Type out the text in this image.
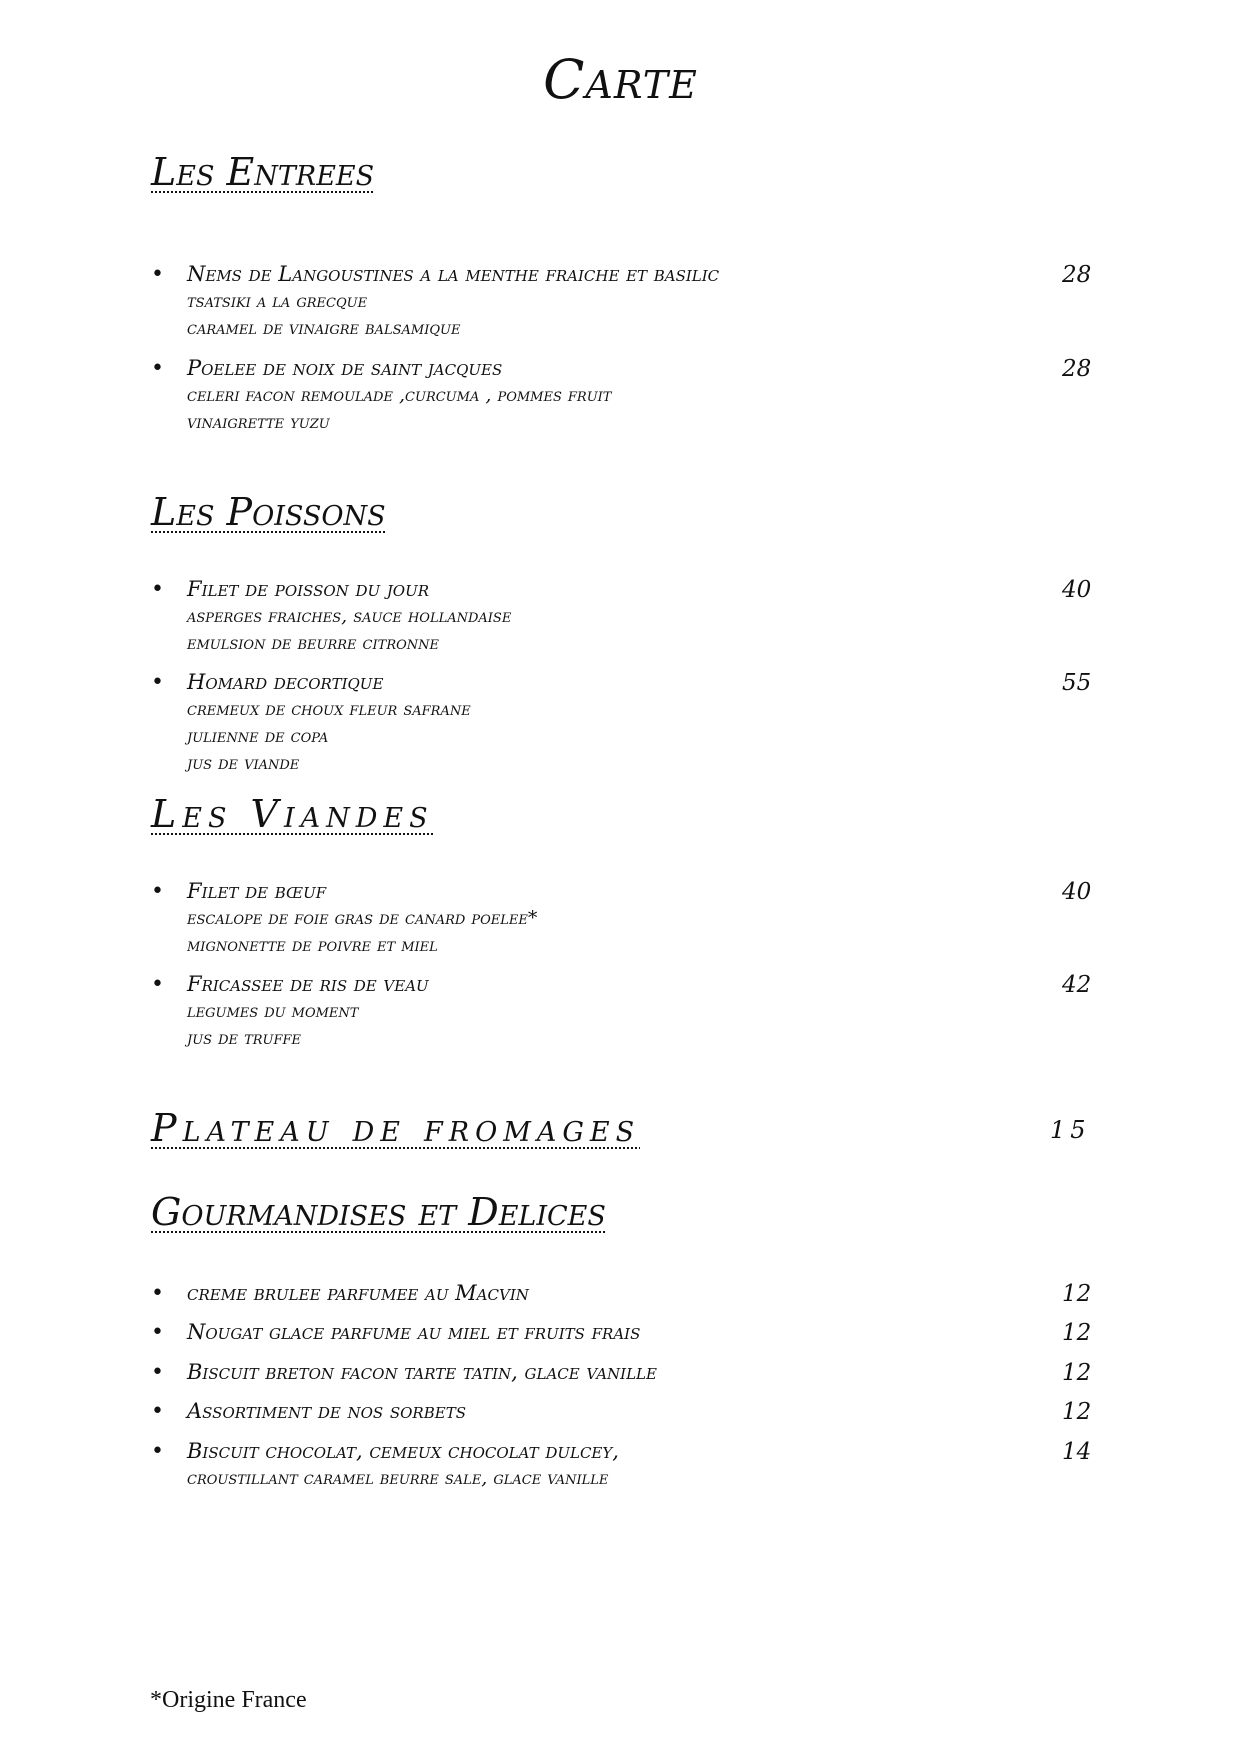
Carte
Les Entrees
• Nems de Langoustines a la menthe fraiche et basilic	28
tsatsiki a la grecque
caramel de vinaigre balsamique
• Poelee de noix de saint jacques	28
celeri facon remoulade ,curcuma , pommes fruit
vinaigrette yuzu
Les Poissons
• Filet de poisson du jour	40
asperges fraiches, sauce hollandaise
emulsion de beurre citronne
• Homard decortique	55
cremeux de choux fleur safrane
julienne de copa
jus de viande
Les Viandes
• Filet de bœuf	40
escalope de foie gras de canard poelee*
mignonette de poivre et miel
• Fricassee de ris de veau	42
legumes du moment
jus de truffe
Plateau de fromages	15
Gourmandises et Delices
• creme brulee parfumee au Macvin	12
• Nougat glace parfume au miel et fruits frais	12
• Biscuit breton facon tarte tatin, glace vanille	12
• Assortiment de nos sorbets	12
• Biscuit chocolat, cemeux chocolat dulcey,	14
croustillant caramel beurre sale, glace vanille
*Origine France
